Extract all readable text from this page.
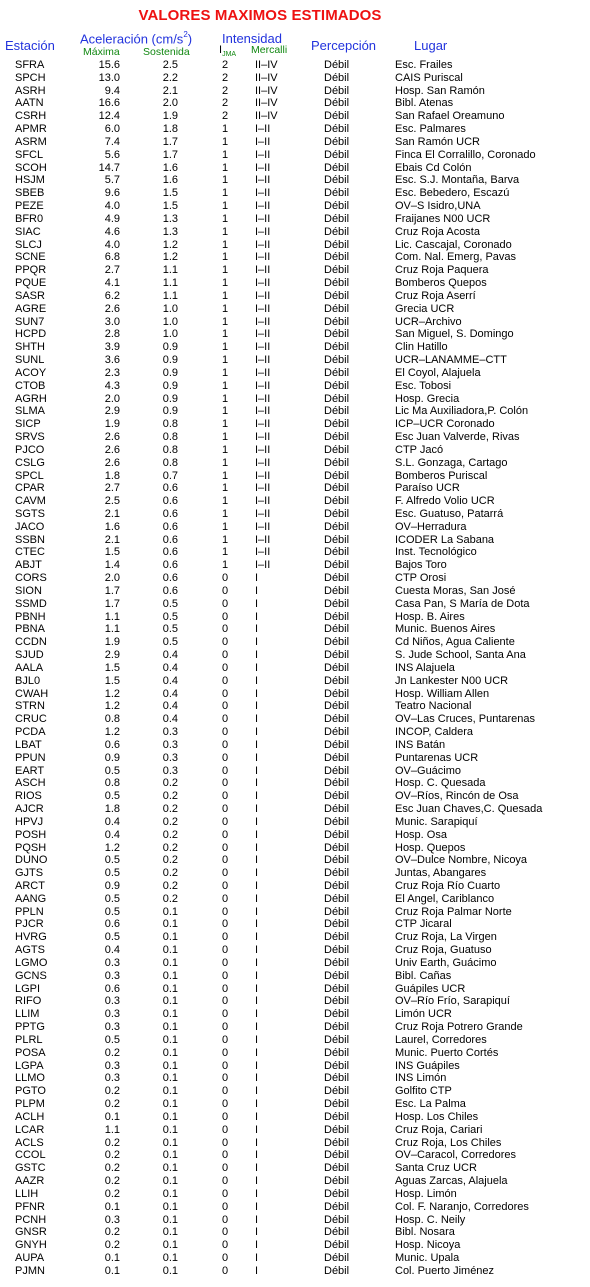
VALORES MAXIMOS ESTIMADOS
Estación Aceleración $(cm/s^2)$ Intensidad Percepción	Lugar
Máxima Sostenida	$I_{JMA}$ Mercalli
SFRA	15.6	2.5	2 II–IV	Débil	Esc. Frailes
SPCH	13.0	2.2	2 II–IV	Débil	CAIS Puriscal
ASRH	9.4	2.1	2 II–IV	Débil	Hosp. San Ramón
AATN	16.6	2.0	2 II–IV	Débil	Bibl. Atenas
CSRH	12.4	1.9	2 II–IV	Débil	San Rafael Oreamuno
APMR	6.0	1.8	1 I–II	Débil	Esc. Palmares
ASRM	7.4	1.7	1 I–II	Débil	San Ramón UCR
SFCL	5.6	1.7	1 I–II	Débil	Finca El Corralillo, Coronado
SCOH	14.7	1.6	1 I–II	Débil	Ebais Cd Colón
HSJM	5.7	1.6	1 I–II	Débil	Esc. S.J. Montaña, Barva
SBEB	9.6	1.5	1 I–II	Débil	Esc. Bebedero, Escazú
PEZE	4.0	1.5	1 I–II	Débil	OV–S Isidro,UNA
BFR0	4.9	1.3	1 I–II	Débil	Fraijanes N00 UCR
SIAC	4.6	1.3	1 I–II	Débil	Cruz Roja Acosta
SLCJ	4.0	1.2	1 I–II	Débil	Lic. Cascajal, Coronado
SCNE	6.8	1.2	1 I–II	Débil	Com. Nal. Emerg, Pavas
PPQR	2.7	1.1	1 I–II	Débil	Cruz Roja Paquera
PQUE	4.1	1.1	1 I–II	Débil	Bomberos Quepos
SASR	6.2	1.1	1 I–II	Débil	Cruz Roja Aserrí
AGRE	2.6	1.0	1 I–II	Débil	Grecia UCR
SUN7	3.0	1.0	1 I–II	Débil	UCR–Archivo
HCPD	2.8	1.0	1 I–II	Débil	San Miguel, S. Domingo
SHTH	3.9	0.9	1 I–II	Débil	Clin Hatillo
SUNL	3.6	0.9	1 I–II	Débil	UCR–LANAMME–CTT
ACOY	2.3	0.9	1 I–II	Débil	El Coyol, Alajuela
CTOB	4.3	0.9	1 I–II	Débil	Esc. Tobosi
AGRH	2.0	0.9	1 I–II	Débil	Hosp. Grecia
SLMA	2.9	0.9	1 I–II	Débil	Lic Ma Auxiliadora,P. Colón
SICP	1.9	0.8	1 I–II	Débil	ICP–UCR Coronado
SRVS	2.6	0.8	1 I–II	Débil	Esc Juan Valverde, Rivas
PJCO	2.6	0.8	1 I–II	Débil	CTP Jacó
CSLG	2.6	0.8	1 I–II	Débil	S.L. Gonzaga, Cartago
SPCL	1.8	0.7	1 I–II	Débil	Bomberos Puriscal
CPAR	2.7	0.6	1 I–II	Débil	Paraíso UCR
CAVM	2.5	0.6	1 I–II	Débil	F. Alfredo Volio UCR
SGTS	2.1	0.6	1 I–II	Débil	Esc. Guatuso, Patarrá
JACO	1.6	0.6	1 I–II	Débil	OV–Herradura
SSBN	2.1	0.6	1 I–II	Débil	ICODER La Sabana
CTEC	1.5	0.6	1 I–II	Débil	Inst. Tecnológico
ABJT	1.4	0.6	1 I–II	Débil	Bajos Toro
CORS	2.0	0.6	0 I	Débil	CTP Orosi
SION	1.7	0.6	0 I	Débil	Cuesta Moras, San José
SSMD	1.7	0.5	0 I	Débil	Casa Pan, S María de Dota
PBNH	1.1	0.5	0 I	Débil	Hosp. B. Aires
PBNA	1.1	0.5	0 I	Débil	Munic. Buenos Aires
CCDN	1.9	0.5	0 I	Débil	Cd Niños, Agua Caliente
SJUD	2.9	0.4	0 I	Débil	S. Jude School, Santa Ana
AALA	1.5	0.4	0 I	Débil	INS Alajuela
BJL0	1.5	0.4	0 I	Débil	Jn Lankester N00 UCR
CWAH	1.2	0.4	0 I	Débil	Hosp. William Allen
STRN	1.2	0.4	0 I	Débil	Teatro Nacional
CRUC	0.8	0.4	0 I	Débil	OV–Las Cruces, Puntarenas
PCDA	1.2	0.3	0 I	Débil	INCOP, Caldera
LBAT	0.6	0.3	0 I	Débil	INS Batán
PPUN	0.9	0.3	0 I	Débil	Puntarenas UCR
EART	0.5	0.3	0 I	Débil	OV–Guácimo
ASCH	0.8	0.2	0 I	Débil	Hosp. C. Quesada
RIOS	0.5	0.2	0 I	Débil	OV–Ríos, Rincón de Osa
AJCR	1.8	0.2	0 I	Débil	Esc Juan Chaves,C. Quesada
HPVJ	0.4	0.2	0 I	Débil	Munic. Sarapiquí
POSH	0.4	0.2	0 I	Débil	Hosp. Osa
PQSH	1.2	0.2	0 I	Débil	Hosp. Quepos
DUNO	0.5	0.2	0 I	Débil	OV–Dulce Nombre, Nicoya
GJTS	0.5	0.2	0 I	Débil	Juntas, Abangares
ARCT	0.9	0.2	0 I	Débil	Cruz Roja Río Cuarto
AANG	0.5	0.2	0 I	Débil	El Angel, Cariblanco
PPLN	0.5	0.1	0 I	Débil	Cruz Roja Palmar Norte
PJCR	0.6	0.1	0 I	Débil	CTP Jicaral
HVRG	0.5	0.1	0 I	Débil	Cruz Roja, La Virgen
AGTS	0.4	0.1	0 I	Débil	Cruz Roja, Guatuso
LGMO	0.3	0.1	0 I	Débil	Univ Earth, Guácimo
GCNS	0.3	0.1	0 I	Débil	Bibl. Cañas
LGPI	0.6	0.1	0 I	Débil	Guápiles UCR
RIFO	0.3	0.1	0 I	Débil	OV–Río Frío, Sarapiquí
LLIM	0.3	0.1	0 I	Débil	Limón UCR
PPTG	0.3	0.1	0 I	Débil	Cruz Roja Potrero Grande
PLRL	0.5	0.1	0 I	Débil	Laurel, Corredores
POSA	0.2	0.1	0 I	Débil	Munic. Puerto Cortés
LGPA	0.3	0.1	0 I	Débil	INS Guápiles
LLMO	0.3	0.1	0 I	Débil	INS Limón
PGTO	0.2	0.1	0 I	Débil	Golfito CTP
PLPM	0.2	0.1	0 I	Débil	Esc. La Palma
ACLH	0.1	0.1	0 I	Débil	Hosp. Los Chiles
LCAR	1.1	0.1	0 I	Débil	Cruz Roja, Cariari
ACLS	0.2	0.1	0 I	Débil	Cruz Roja, Los Chiles
CCOL	0.2	0.1	0 I	Débil	OV–Caracol, Corredores
GSTC	0.2	0.1	0 I	Débil	Santa Cruz UCR
AAZR	0.2	0.1	0 I	Débil	Aguas Zarcas, Alajuela
LLIH	0.2	0.1	0 I	Débil	Hosp. Limón
PFNR	0.1	0.1	0 I	Débil	Col. F. Naranjo, Corredores
PCNH	0.3	0.1	0 I	Débil	Hosp. C. Neily
GNSR	0.2	0.1	0 I	Débil	Bibl. Nosara
GNYH	0.2	0.1	0 I	Débil	Hosp. Nicoya
AUPA	0.1	0.1	0 I	Débil	Munic. Upala
PJMN	0.1	0.1	0 I	Débil	Col. Puerto Jiménez
